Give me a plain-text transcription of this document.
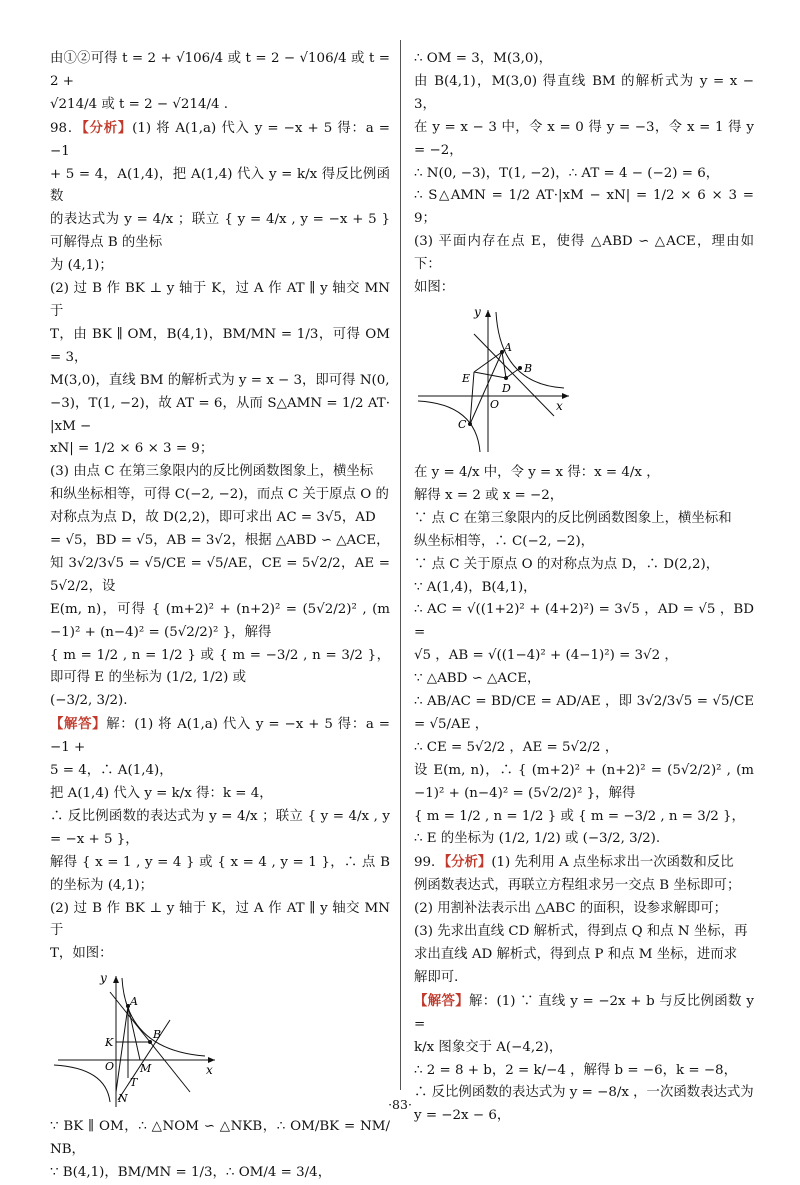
由①②可得 t = 2 + √106/4 或 t = 2 − √106/4 或 t = 2 +

√214/4 或 t = 2 − √214/4 .

98．【分析】(1) 将 A(1,a) 代入 y = −x + 5 得：a = −1

+ 5 = 4，A(1,4)，把 A(1,4) 代入 y = k/x 得反比例函数

的表达式为 y = 4/x ；联立 { y = 4/x , y = −x + 5 } 可解得点 B 的坐标

为 (4,1)；

(2) 过 B 作 BK ⊥ y 轴于 K，过 A 作 AT ∥ y 轴交 MN 于

T，由 BK ∥ OM，B(4,1)，BM/MN = 1/3，可得 OM = 3，

M(3,0)，直线 BM 的解析式为 y = x − 3，即可得 N(0,

−3)，T(1, −2)，故 AT = 6，从而 S△AMN = 1/2 AT·|xM −

xN| = 1/2 × 6 × 3 = 9；

(3) 由点 C 在第三象限内的反比例函数图象上，横坐标

和纵坐标相等，可得 C(−2, −2)，而点 C 关于原点 O 的

对称点为点 D，故 D(2,2)，即可求出 AC = 3√5，AD

= √5，BD = √5，AB = 3√2，根据 △ABD ∽ △ACE，

知 3√2/3√5 = √5/CE = √5/AE，CE = 5√2/2，AE = 5√2/2，设

E(m, n)，可得 { (m+2)² + (n+2)² = (5√2/2)² , (m−1)² + (n−4)² = (5√2/2)² }，解得

{ m = 1/2 , n = 1/2 } 或 { m = −3/2 , n = 3/2 }，即可得 E 的坐标为 (1/2, 1/2) 或

(−3/2, 3/2).

【解答】解：(1) 将 A(1,a) 代入 y = −x + 5 得：a = −1 +

5 = 4，∴ A(1,4)，

把 A(1,4) 代入 y = k/x 得：k = 4，

∴ 反比例函数的表达式为 y = 4/x ；联立 { y = 4/x , y = −x + 5 }，

解得 { x = 1 , y = 4 } 或 { x = 4 , y = 1 }，∴ 点 B 的坐标为 (4,1)；

(2) 过 B 作 BK ⊥ y 轴于 K，过 A 作 AT ∥ y 轴交 MN 于

T，如图：

y
x
A
B
K
O M
T
N

∵ BK ∥ OM，∴ △NOM ∽ △NKB，∴ OM/BK = NM/NB，

∵ B(4,1)，BM/MN = 1/3，∴ OM/4 = 3/4，

∴ OM = 3，M(3,0)，

由 B(4,1)，M(3,0) 得直线 BM 的解析式为 y = x − 3，

在 y = x − 3 中，令 x = 0 得 y = −3，令 x = 1 得 y = −2，

∴ N(0, −3)，T(1, −2)，∴ AT = 4 − (−2) = 6，

∴ S△AMN = 1/2 AT·|xM − xN| = 1/2 × 6 × 3 = 9；

(3) 平面内存在点 E，使得 △ABD ∽ △ACE，理由如下：

如图：

y
A
E
B
D
O	x
C

在 y = 4/x 中，令 y = x 得：x = 4/x ，

解得 x = 2 或 x = −2，

∵ 点 C 在第三象限内的反比例函数图象上，横坐标和

纵坐标相等，∴ C(−2, −2)，

∵ 点 C 关于原点 O 的对称点为点 D，∴ D(2,2)，

∵ A(1,4)，B(4,1)，

∴ AC = √((1+2)² + (4+2)²) = 3√5 ，AD = √5 ，BD =

√5 ，AB = √((1−4)² + (4−1)²) = 3√2 ，

∵ △ABD ∽ △ACE，

∴ AB/AC = BD/CE = AD/AE ，即 3√2/3√5 = √5/CE = √5/AE ，

∴ CE = 5√2/2 ，AE = 5√2/2 ，

设 E(m, n)，∴ { (m+2)² + (n+2)² = (5√2/2)² , (m−1)² + (n−4)² = (5√2/2)² }，解得

{ m = 1/2 , n = 1/2 } 或 { m = −3/2 , n = 3/2 }，

∴ E 的坐标为 (1/2, 1/2) 或 (−3/2, 3/2).

99．【分析】(1) 先利用 A 点坐标求出一次函数和反比

例函数表达式，再联立方程组求另一交点 B 坐标即可；

(2) 用割补法表示出 △ABC 的面积，设参求解即可；

(3) 先求出直线 CD 解析式，得到点 Q 和点 N 坐标，再

求出直线 AD 解析式，得到点 P 和点 M 坐标，进而求

解即可．

【解答】解：(1) ∵ 直线 y = −2x + b 与反比例函数 y =

k/x 图象交于 A(−4,2)，

∴ 2 = 8 + b，2 = k/−4 ，解得 b = −6，k = −8，

∴ 反比例函数的表达式为 y = −8/x ，一次函数表达式为

y = −2x − 6，

·83·
